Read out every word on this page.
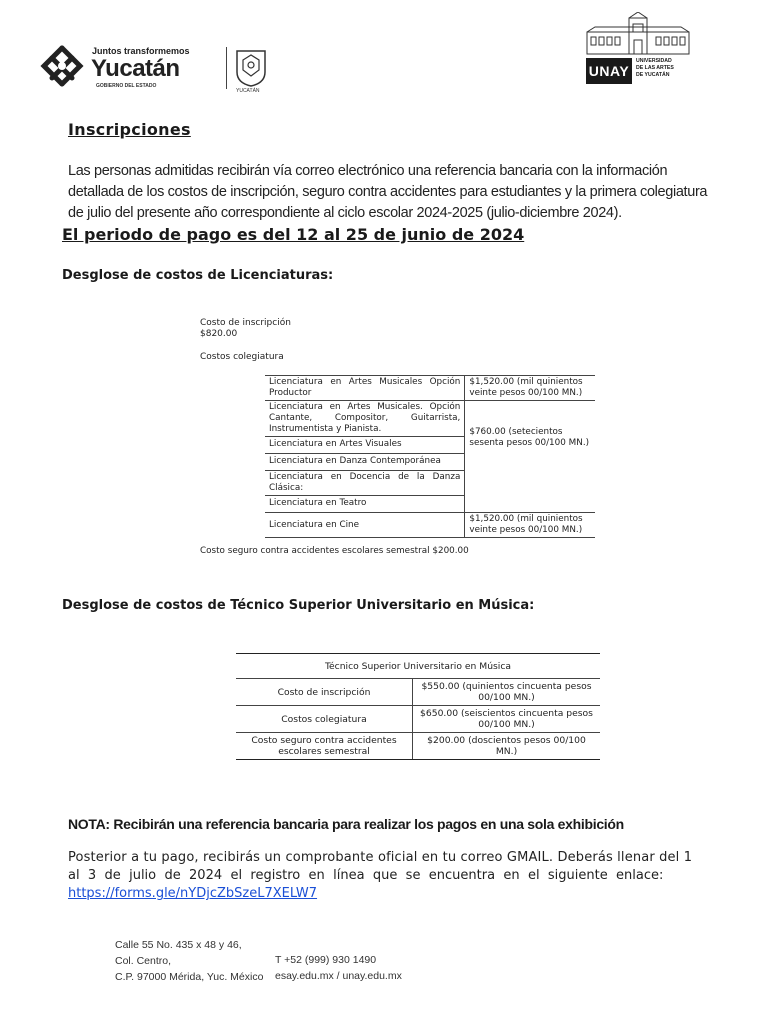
Juntos transformemos
Yucatán
GOBIERNO DEL ESTADO
YUCATÁN
UNAY
UNIVERSIDAD
DE LAS ARTES
DE YUCATÁN
Inscripciones
Las personas admitidas recibirán vía correo electrónico una referencia bancaria con la información
detallada de los costos de inscripción, seguro contra accidentes para estudiantes y la primera colegiatura
de julio del presente año correspondiente al ciclo escolar 2024-2025 (julio-diciembre 2024).
El periodo de pago es del 12 al 25 de junio de 2024
Desglose de costos de Licenciaturas:
Costo de inscripción
$820.00
Costos colegiatura
Licenciatura en Artes Musicales Opción Productor	$1,520.00 (mil quinientos veinte pesos 00/100 MN.)
Licenciatura en Artes Musicales. Opción Cantante, Compositor, Guitarrista, Instrumentista y Pianista.	$760.00 (setecientos sesenta pesos 00/100 MN.)
Licenciatura en Artes Visuales	
Licenciatura en Danza Contemporánea	
Licenciatura en Docencia de la Danza Clásica:	
Licenciatura en Teatro	
Licenciatura en Cine	$1,520.00 (mil quinientos veinte pesos 00/100 MN.)
Costo seguro contra accidentes escolares semestral $200.00
Desglose de costos de Técnico Superior Universitario en Música:
Técnico Superior Universitario en Música	
Costo de inscripción	$550.00 (quinientos cincuenta pesos 00/100 MN.)
Costos colegiatura	$650.00 (seiscientos cincuenta pesos 00/100 MN.)
Costo seguro contra accidentes escolares semestral	$200.00 (doscientos pesos 00/100 MN.)
NOTA: Recibirán una referencia bancaria para realizar los pagos en una sola exhibición
Posterior a tu pago, recibirás un comprobante oficial en tu correo GMAIL. Deberás llenar del 1
al 3 de julio de 2024 el registro en línea que se encuentra en el siguiente enlace:
https://forms.gle/nYDjcZbSzeL7XELW7
Calle 55 No. 435 x 48 y 46,
Col. Centro,
C.P. 97000 Mérida, Yuc. México
T +52 (999) 930 1490
esay.edu.mx / unay.edu.mx
